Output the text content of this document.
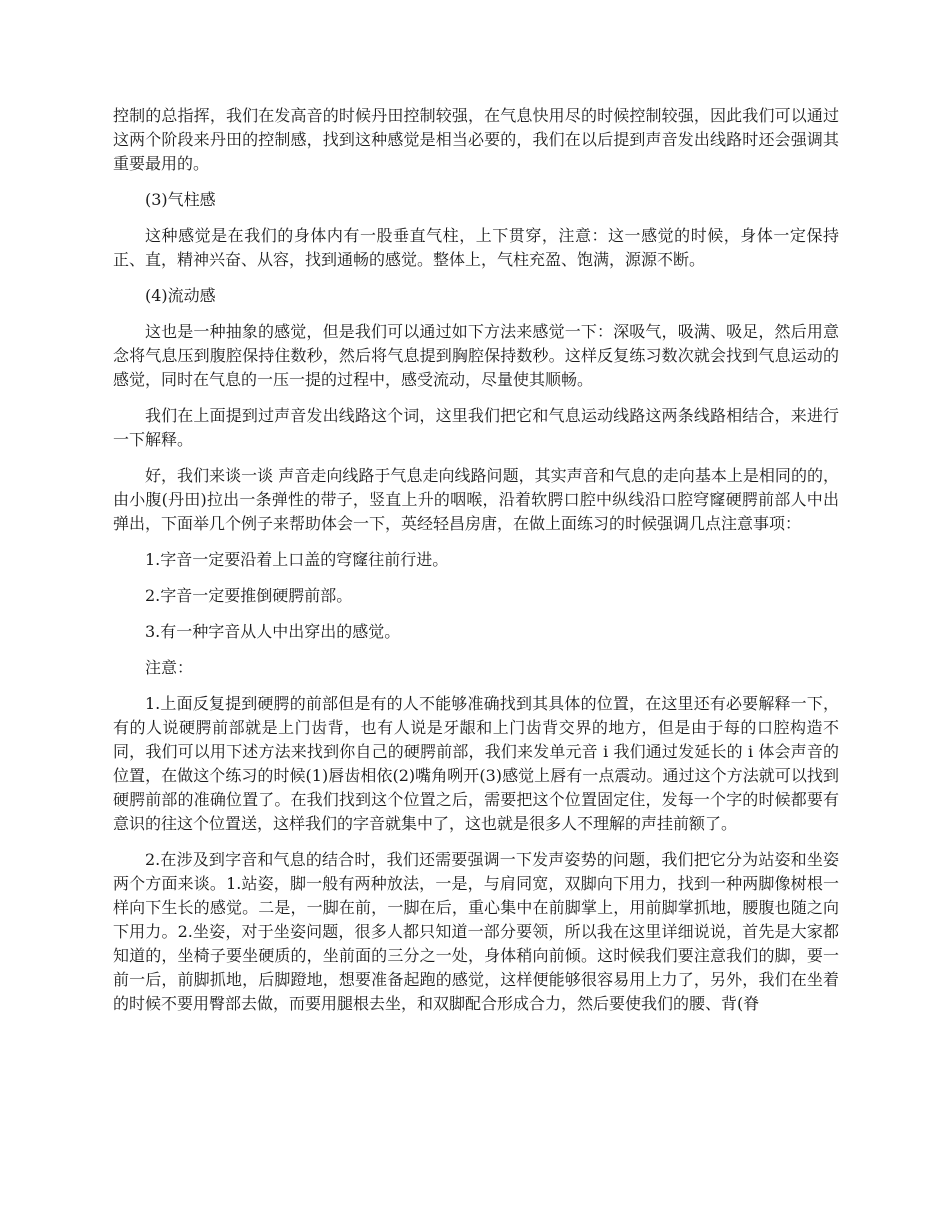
控制的总指挥，我们在发高音的时候丹田控制较强，在气息快用尽的时候控制较强，因此我们可以通过这两个阶段来丹田的控制感，找到这种感觉是相当必要的，我们在以后提到声音发出线路时还会强调其重要最用的。

(3)气柱感

这种感觉是在我们的身体内有一股垂直气柱，上下贯穿，注意：这一感觉的时候，身体一定保持正、直，精神兴奋、从容，找到通畅的感觉。整体上，气柱充盈、饱满，源源不断。

(4)流动感

这也是一种抽象的感觉，但是我们可以通过如下方法来感觉一下：深吸气，吸满、吸足，然后用意念将气息压到腹腔保持住数秒，然后将气息提到胸腔保持数秒。这样反复练习数次就会找到气息运动的感觉，同时在气息的一压一提的过程中，感受流动，尽量使其顺畅。

我们在上面提到过声音发出线路这个词，这里我们把它和气息运动线路这两条线路相结合，来进行一下解释。

好，我们来谈一谈 声音走向线路于气息走向线路问题，其实声音和气息的走向基本上是相同的的，由小腹(丹田)拉出一条弹性的带子，竖直上升的咽喉，沿着软腭口腔中纵线沿口腔穹窿硬腭前部人中出弹出，下面举几个例子来帮助体会一下，英经轻昌房唐，在做上面练习的时候强调几点注意事项：

1.字音一定要沿着上口盖的穹窿往前行进。

2.字音一定要推倒硬腭前部。

3.有一种字音从人中出穿出的感觉。

注意：

1.上面反复提到硬腭的前部但是有的人不能够准确找到其具体的位置，在这里还有必要解释一下，有的人说硬腭前部就是上门齿背，也有人说是牙龈和上门齿背交界的地方，但是由于每的口腔构造不同，我们可以用下述方法来找到你自己的硬腭前部，我们来发单元音 i 我们通过发延长的 i 体会声音的位置，在做这个练习的时候(1)唇齿相依(2)嘴角咧开(3)感觉上唇有一点震动。通过这个方法就可以找到硬腭前部的准确位置了。在我们找到这个位置之后，需要把这个位置固定住，发每一个字的时候都要有意识的往这个位置送，这样我们的字音就集中了，这也就是很多人不理解的声挂前额了。

2.在涉及到字音和气息的结合时，我们还需要强调一下发声姿势的问题，我们把它分为站姿和坐姿两个方面来谈。1.站姿，脚一般有两种放法，一是，与肩同宽，双脚向下用力，找到一种两脚像树根一样向下生长的感觉。二是，一脚在前，一脚在后，重心集中在前脚掌上，用前脚掌抓地，腰腹也随之向下用力。2.坐姿，对于坐姿问题，很多人都只知道一部分要领，所以我在这里详细说说，首先是大家都知道的，坐椅子要坐硬质的，坐前面的三分之一处，身体稍向前倾。这时候我们要注意我们的脚，要一前一后，前脚抓地，后脚蹬地，想要准备起跑的感觉，这样便能够很容易用上力了，另外，我们在坐着的时候不要用臀部去做，而要用腿根去坐，和双脚配合形成合力，然后要使我们的腰、背(脊
